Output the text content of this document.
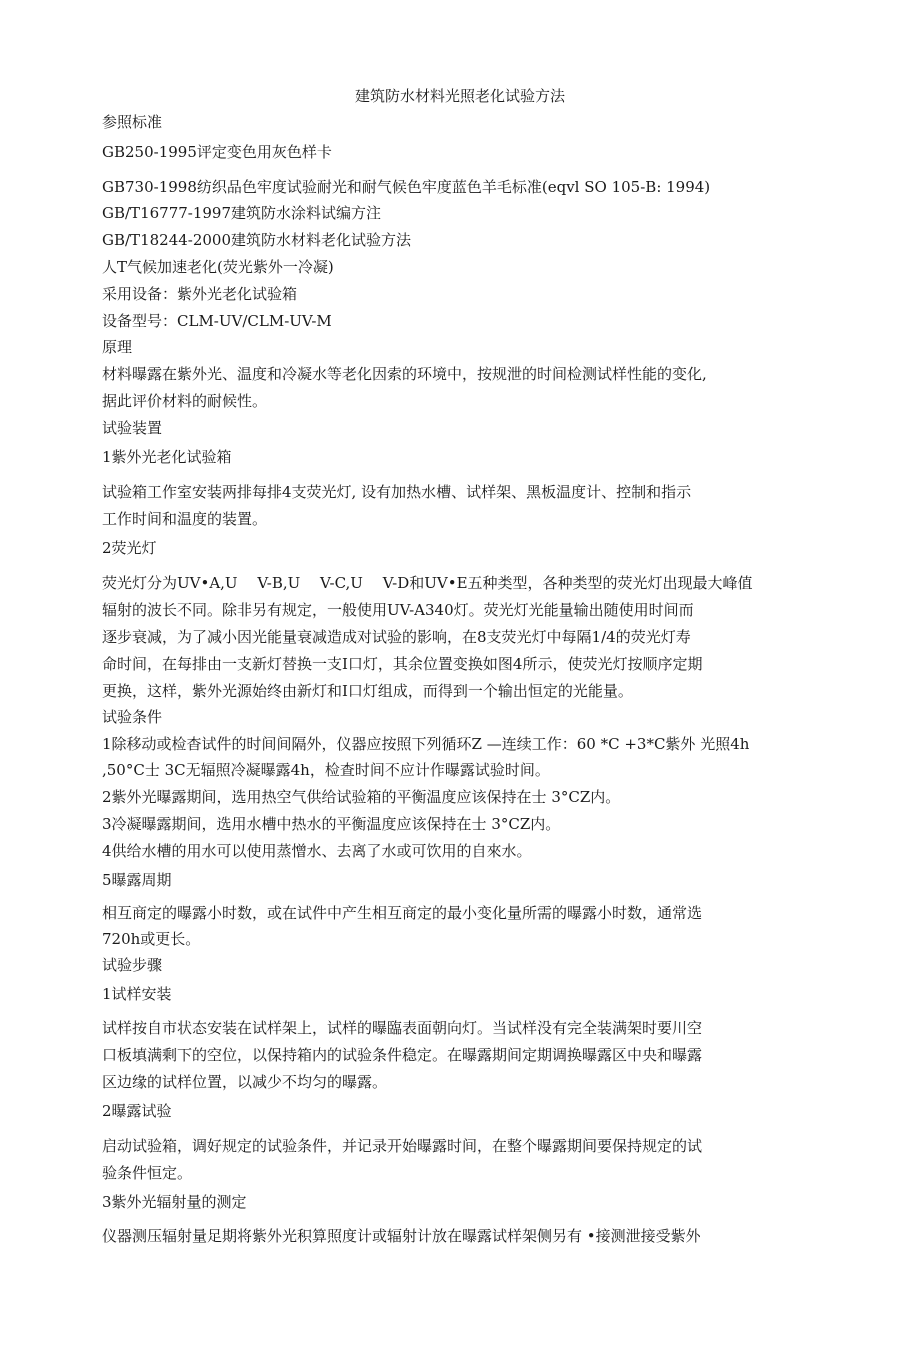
建筑防水材料光照老化试验方法
参照标准
GB250-1995评定变色用灰色样卡
GB730-1998纺织品色牢度试验耐光和耐气候色牢度蓝色羊毛标准(eqvl SO 105-B: 1994)
GB/T16777-1997建筑防水涂料试编方注
GB/T18244-2000建筑防水材料老化试验方法
人T气候加速老化(荧光紫外一冷凝)
采用设备：紫外光老化试验箱
设备型号：CLM-UV/CLM-UV-M
原理
材料曝露在紫外光、温度和冷凝水等老化因索的环境中，按规泄的时间检测试样性能的变化,
据此评价材料的耐候性。
试验装置
1紫外光老化试验箱
试验箱工作室安装两排每排4支荧光灯, 设有加热水槽、试样架、黑板温度计、控制和指示
工作时间和温度的装置。
2荧光灯
荧光灯分为UV•A,U　 V-B,U　 V-C,U　 V-D和UV•E五种类型，各种类型的荧光灯出现最大峰值
辐射的波长不同。除非另有规定，一般使用UV-A340灯。荧光灯光能量输出随使用时间而
逐步衰减，为了减小因光能量衰减造成对试验的影响，在8支荧光灯中每隔1/4的荧光灯寿
命时间，在每排由一支新灯替换一支I口灯，其余位置变换如图4所示，使荧光灯按顺序定期
更换，这样，紫外光源始终由新灯和I口灯组成，而得到一个输出恒定的光能量。
试验条件
1除移动或检杳试件的时间间隔外，仪器应按照下列循环Z —连续工作：60 *C +3*C紫外 光照4h
,50°C士 3C无辐照冷凝曝露4h，检查时间不应计作曝露试验时间。
2紫外光曝露期间，选用热空气供给试验箱的平衡温度应该保持在士 3°CZ内。
3冷凝曝露期间，选用水槽中热水的平衡温度应该保持在士 3°CZ内。
4供给水槽的用水可以使用蒸憎水、去离了水或可饮用的自來水。
5曝露周期
相互商定的曝露小时数，或在试件中产生相互商定的最小变化量所需的曝露小时数，通常选
720h或更长。
试验步骤
1试样安装
试样按自市状态安装在试样架上，试样的曝臨表面朝向灯。当试样没有完全装满架时要川空
口板填满剩下的空位，以保持箱内的试验条件稳定。在曝露期间定期调换曝露区中央和曝露
区边缘的试样位置，以减少不均匀的曝露。
2曝露试验
启动试验箱，调好规定的试验条件，并记录开始曝露时间，在整个曝露期间要保持规定的试
验条件恒定。
3紫外光辐射量的测定
仪器测压辐射量足期将紫外光积算照度计或辐射计放在曝露试样架侧另有 •接测泄接受紫外
